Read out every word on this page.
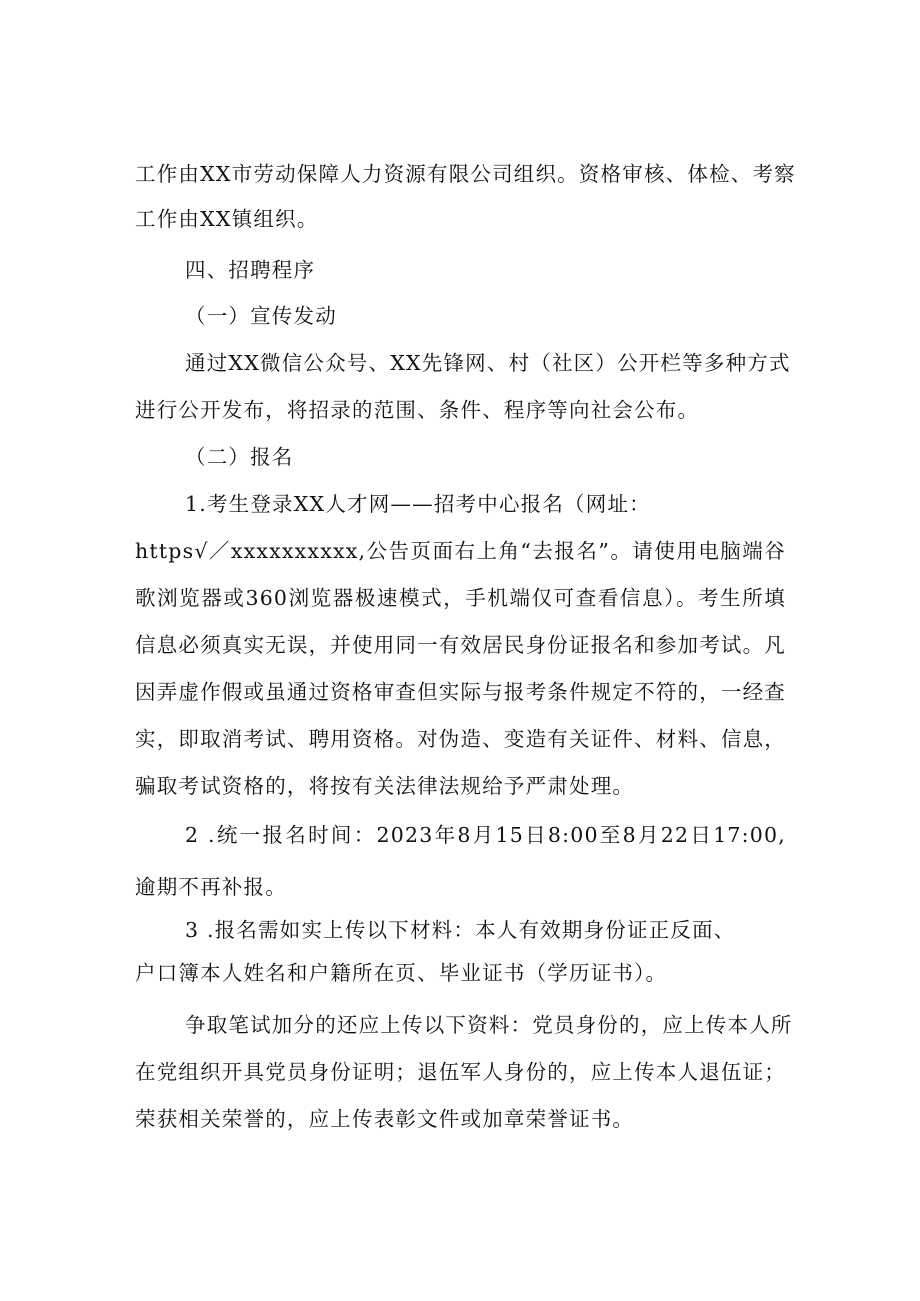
工作由XX市劳动保障人力资源有限公司组织。资格审核、体检、考察
工作由XX镇组织。
四、招聘程序
（一）宣传发动
通过XX微信公众号、XX先锋网、村（社区）公开栏等多种方式
进行公开发布，将招录的范围、条件、程序等向社会公布。
（二）报名
1.考生登录XX人才网——招考中心报名（网址：
https√／xxxxxxxxxx,公告页面右上角“去报名”。请使用电脑端谷
歌浏览器或360浏览器极速模式，手机端仅可查看信息）。考生所填
信息必须真实无误，并使用同一有效居民身份证报名和参加考试。凡
因弄虚作假或虽通过资格审查但实际与报考条件规定不符的，一经查
实，即取消考试、聘用资格。对伪造、变造有关证件、材料、信息，
骗取考试资格的，将按有关法律法规给予严肃处理。
2 .统一报名时间：2023年8月15日8:00至8月22日17:00,
逾期不再补报。
3 .报名需如实上传以下材料：本人有效期身份证正反面、
户口簿本人姓名和户籍所在页、毕业证书（学历证书）。
争取笔试加分的还应上传以下资料：党员身份的，应上传本人所
在党组织开具党员身份证明；退伍军人身份的，应上传本人退伍证；
荣获相关荣誉的，应上传表彰文件或加章荣誉证书。
